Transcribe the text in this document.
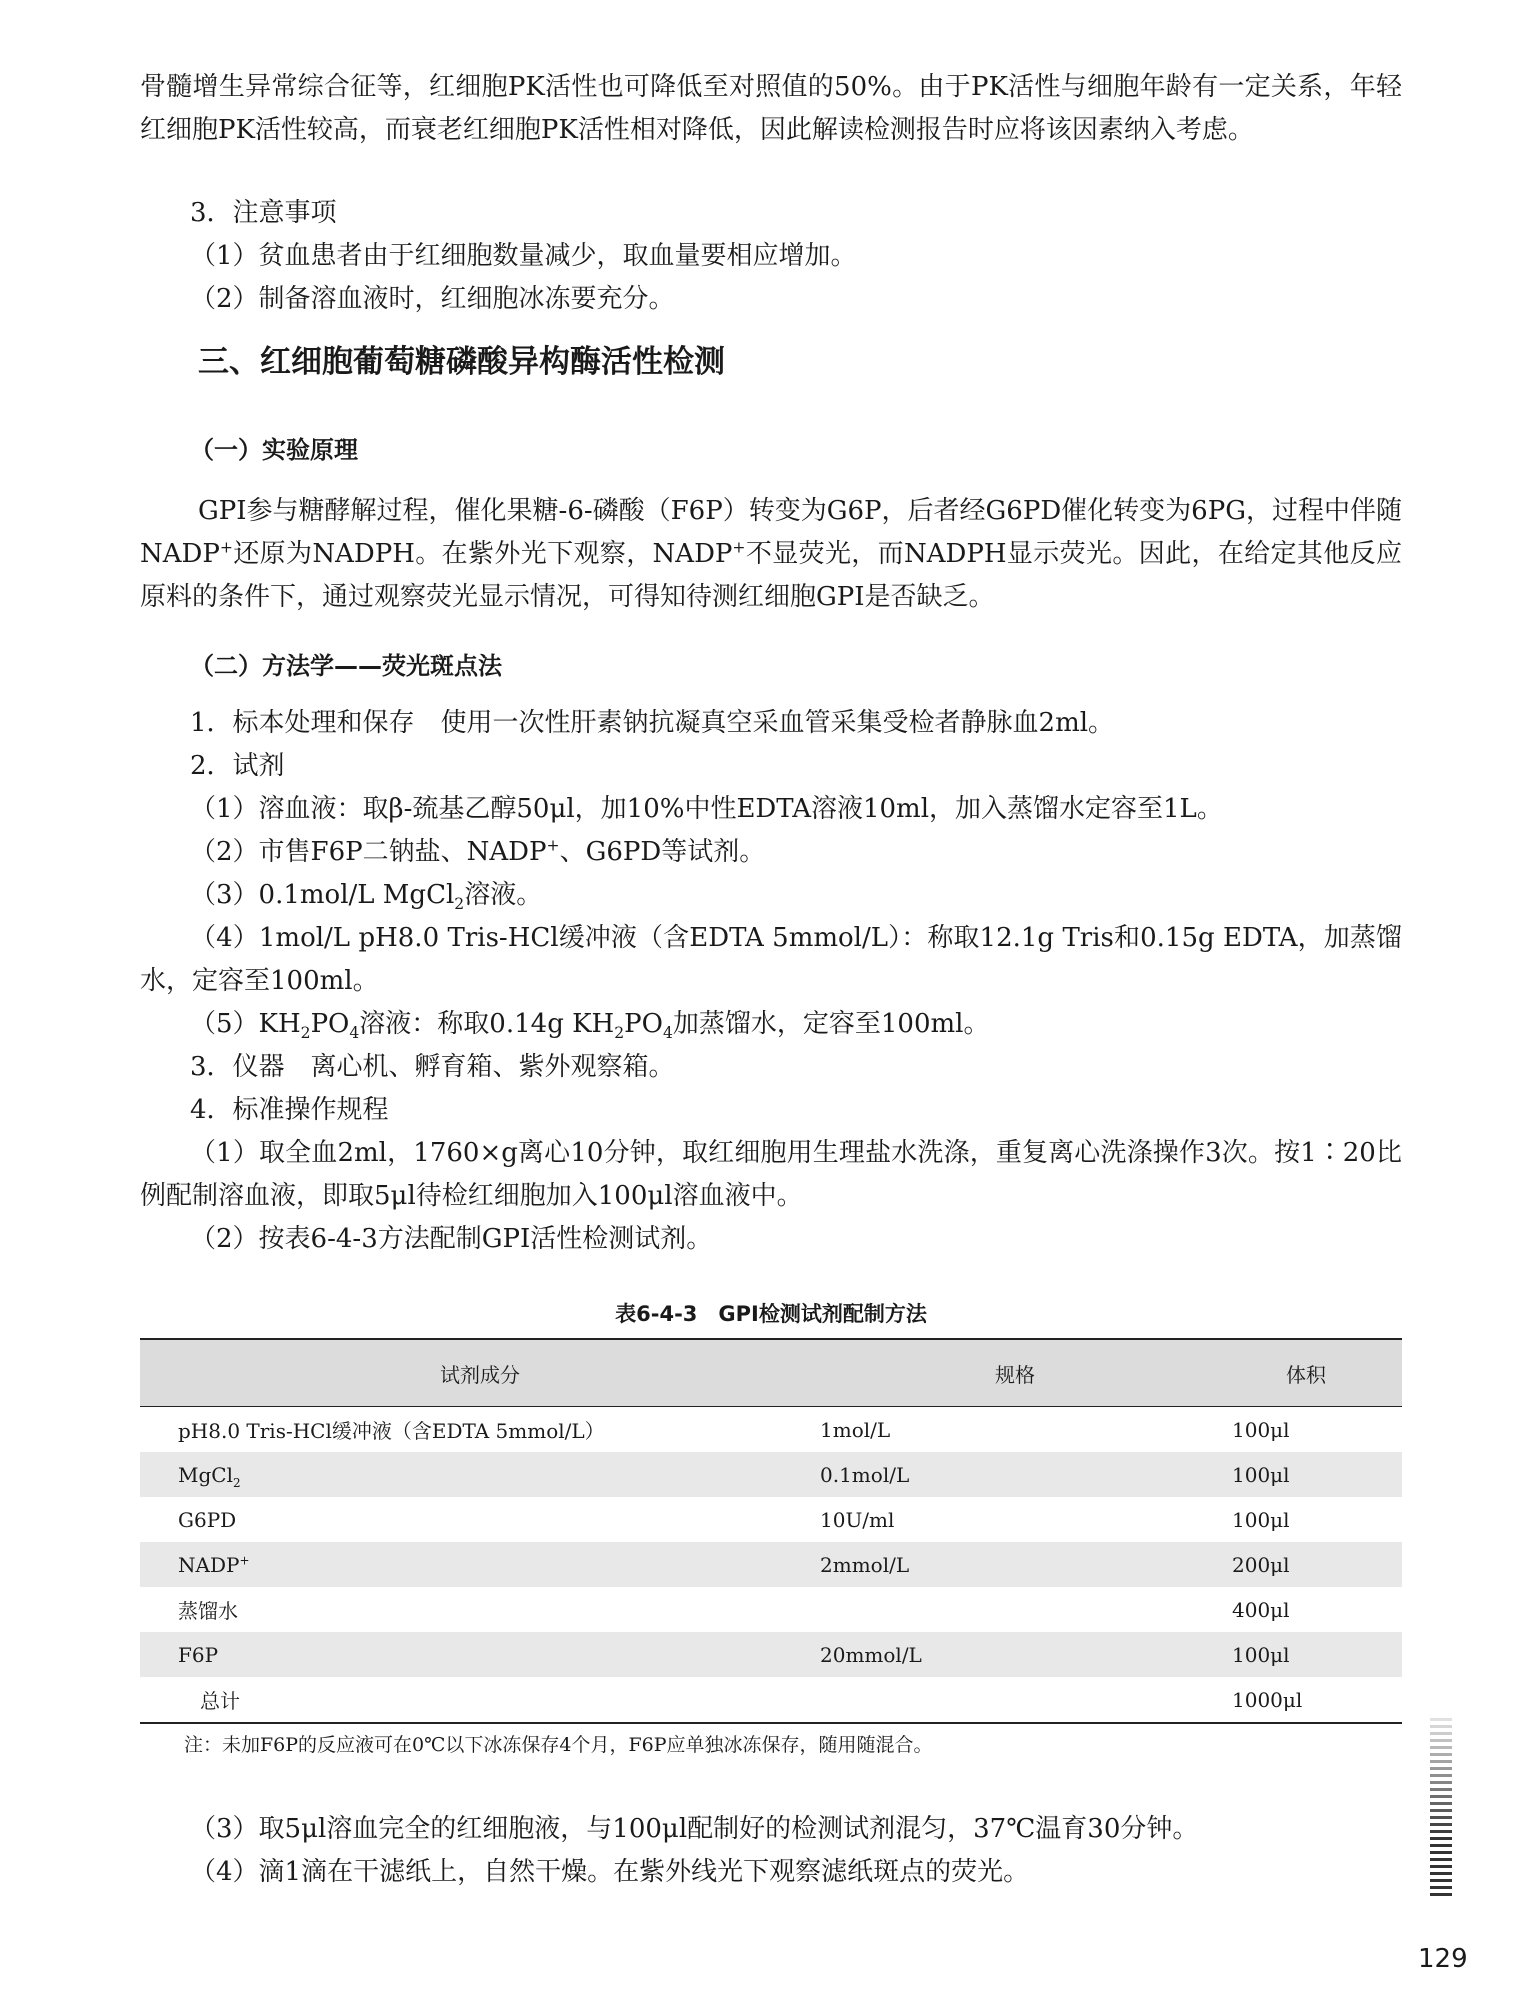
骨髓增生异常综合征等，红细胞PK活性也可降低至对照值的50%。由于PK活性与细胞年龄有一定关系，年轻红细胞PK活性较高，而衰老红细胞PK活性相对降低，因此解读检测报告时应将该因素纳入考虑。

3．注意事项

（1）贫血患者由于红细胞数量减少，取血量要相应增加。

（2）制备溶血液时，红细胞冰冻要充分。

三、红细胞葡萄糖磷酸异构酶活性检测
（一）实验原理

GPI参与糖酵解过程，催化果糖-6-磷酸（F6P）转变为G6P，后者经G6PD催化转变为6PG，过程中伴随NADP+还原为NADPH。在紫外光下观察，NADP+不显荧光，而NADPH显示荧光。因此，在给定其他反应原料的条件下，通过观察荧光显示情况，可得知待测红细胞GPI是否缺乏。

（二）方法学——荧光斑点法

1．标本处理和保存　使用一次性肝素钠抗凝真空采血管采集受检者静脉血2ml。

2．试剂

（1）溶血液：取β-巯基乙醇50μl，加10%中性EDTA溶液10ml，加入蒸馏水定容至1L。

（2）市售F6P二钠盐、NADP+、G6PD等试剂。

（3）0.1mol/L MgCl$_2$溶液。

（4）1mol/L pH8.0 Tris-HCl缓冲液（含EDTA 5mmol/L）：称取12.1g Tris和0.15g EDTA，加蒸馏水，定容至100ml。

$(5)KH_2PO_4$溶液：称取0.14g $KH_2PO_4$加蒸馏水，定容至100ml。

3．仪器　离心机、孵育箱、紫外观察箱。

4．标准操作规程

（1）取全血2ml，1760×g离心10分钟，取红细胞用生理盐水洗涤，重复离心洗涤操作3次。按1∶20比例配制溶血液，即取5μl待检红细胞加入100μl溶血液中。

（2）按表6-4-3方法配制GPI活性检测试剂。

表6-4-3　GPI检测试剂配制方法

试剂成分	规格	体积
pH8.0 Tris-HCl缓冲液（含EDTA 5mmol/L）	1mol/L	100μl
MgCl$_2$	0.1mol/L	100μl
G6PD	10U/ml	100μl
NADP+	2mmol/L	200μl
蒸馏水		400μl
F6P	20mmol/L	100μl
总计		1000μl

注：未加F6P的反应液可在0℃以下冰冻保存4个月，F6P应单独冰冻保存，随用随混合。

（3）取5μl溶血完全的红细胞液，与100μl配制好的检测试剂混匀，37℃温育30分钟。

（4）滴1滴在干滤纸上，自然干燥。在紫外线光下观察滤纸斑点的荧光。

129
